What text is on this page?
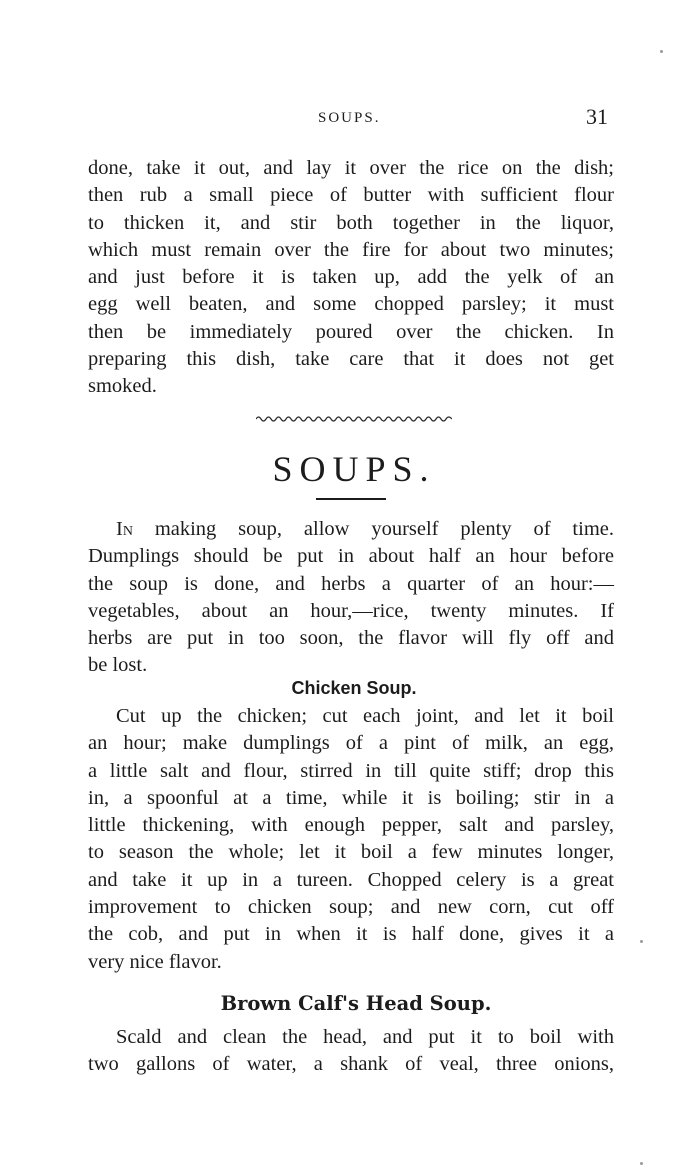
SOUPS.	31
done, take it out, and lay it over the rice on the dish;
then rub a small piece of butter with sufficient flour
to thicken it, and stir both together in the liquor,
which must remain over the fire for about two minutes;
and just before it is taken up, add the yelk of an
egg well beaten, and some chopped parsley; it must
then be immediately poured over the chicken. In
preparing this dish, take care that it does not get
smoked.
SOUPS.
In making soup, allow yourself plenty of time.
Dumplings should be put in about half an hour before
the soup is done, and herbs a quarter of an hour:—
vegetables, about an hour,—rice, twenty minutes. If
herbs are put in too soon, the flavor will fly off and
be lost.
Chicken Soup.
Cut up the chicken; cut each joint, and let it boil
an hour; make dumplings of a pint of milk, an egg,
a little salt and flour, stirred in till quite stiff; drop this
in, a spoonful at a time, while it is boiling; stir in a
little thickening, with enough pepper, salt and parsley,
to season the whole; let it boil a few minutes longer,
and take it up in a tureen. Chopped celery is a great
improvement to chicken soup; and new corn, cut off
the cob, and put in when it is half done, gives it a
very nice flavor.
Brown Calf's Head Soup.
Scald and clean the head, and put it to boil with
two gallons of water, a shank of veal, three onions,
